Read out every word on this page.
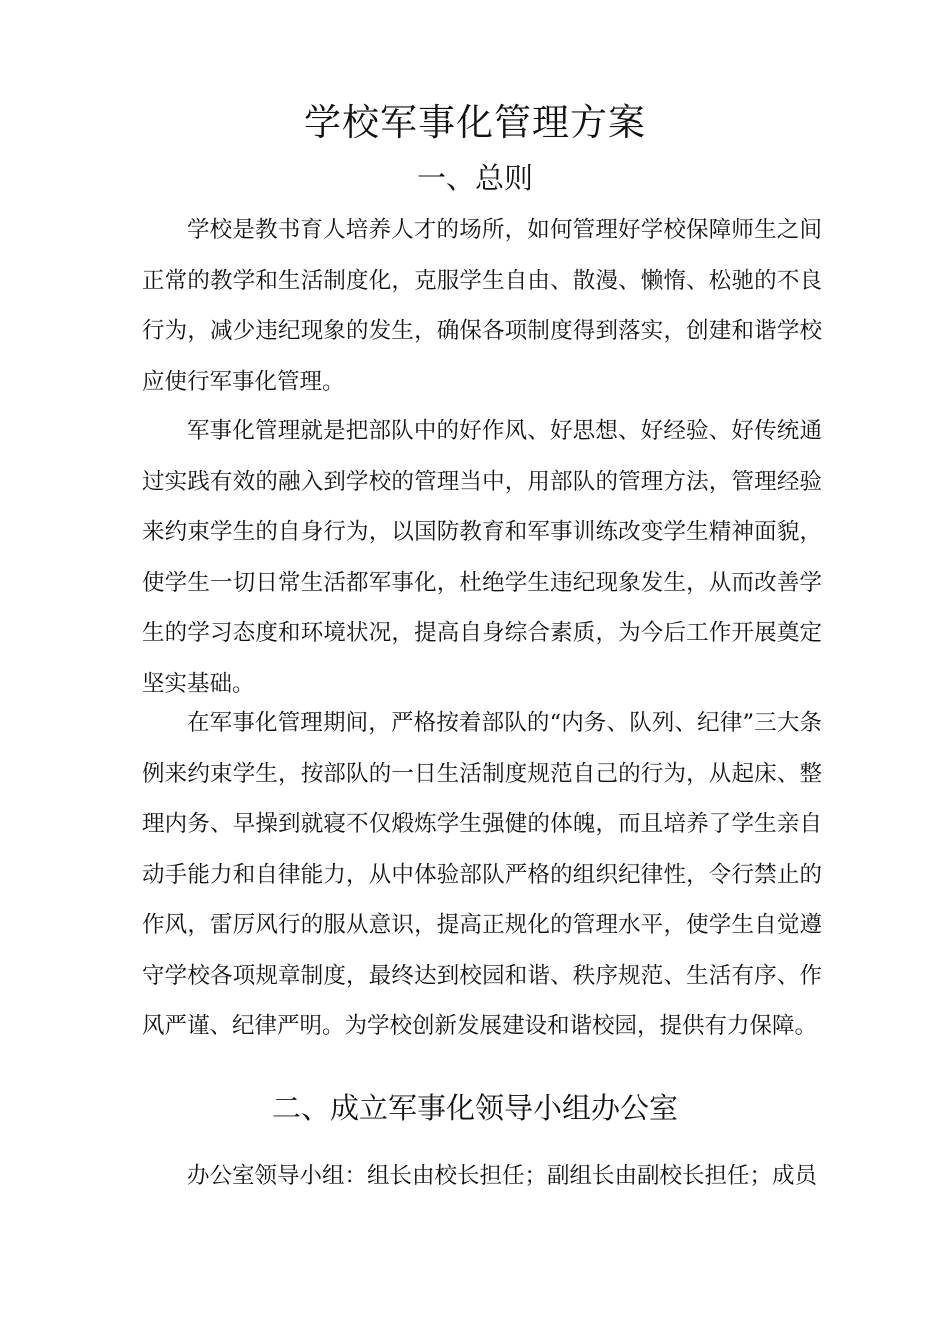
学校军事化管理方案
一、总则

学校是教书育人培养人才的场所，如何管理好学校保障师生之间正常的教学和生活制度化，克服学生自由、散漫、懒惰、松驰的不良行为，减少违纪现象的发生，确保各项制度得到落实，创建和谐学校应使行军事化管理。

军事化管理就是把部队中的好作风、好思想、好经验、好传统通过实践有效的融入到学校的管理当中，用部队的管理方法，管理经验来约束学生的自身行为，以国防教育和军事训练改变学生精神面貌，使学生一切日常生活都军事化，杜绝学生违纪现象发生，从而改善学生的学习态度和环境状况，提高自身综合素质，为今后工作开展奠定坚实基础。

在军事化管理期间，严格按着部队的“内务、队列、纪律”三大条例来约束学生，按部队的一日生活制度规范自己的行为，从起床、整理内务、早操到就寝不仅煅炼学生强健的体魄，而且培养了学生亲自动手能力和自律能力，从中体验部队严格的组织纪律性，令行禁止的作风，雷厉风行的服从意识，提高正规化的管理水平，使学生自觉遵守学校各项规章制度，最终达到校园和谐、秩序规范、生活有序、作风严谨、纪律严明。为学校创新发展建设和谐校园，提供有力保障。

二、成立军事化领导小组办公室

办公室领导小组：组长由校长担任；副组长由副校长担任；成员
